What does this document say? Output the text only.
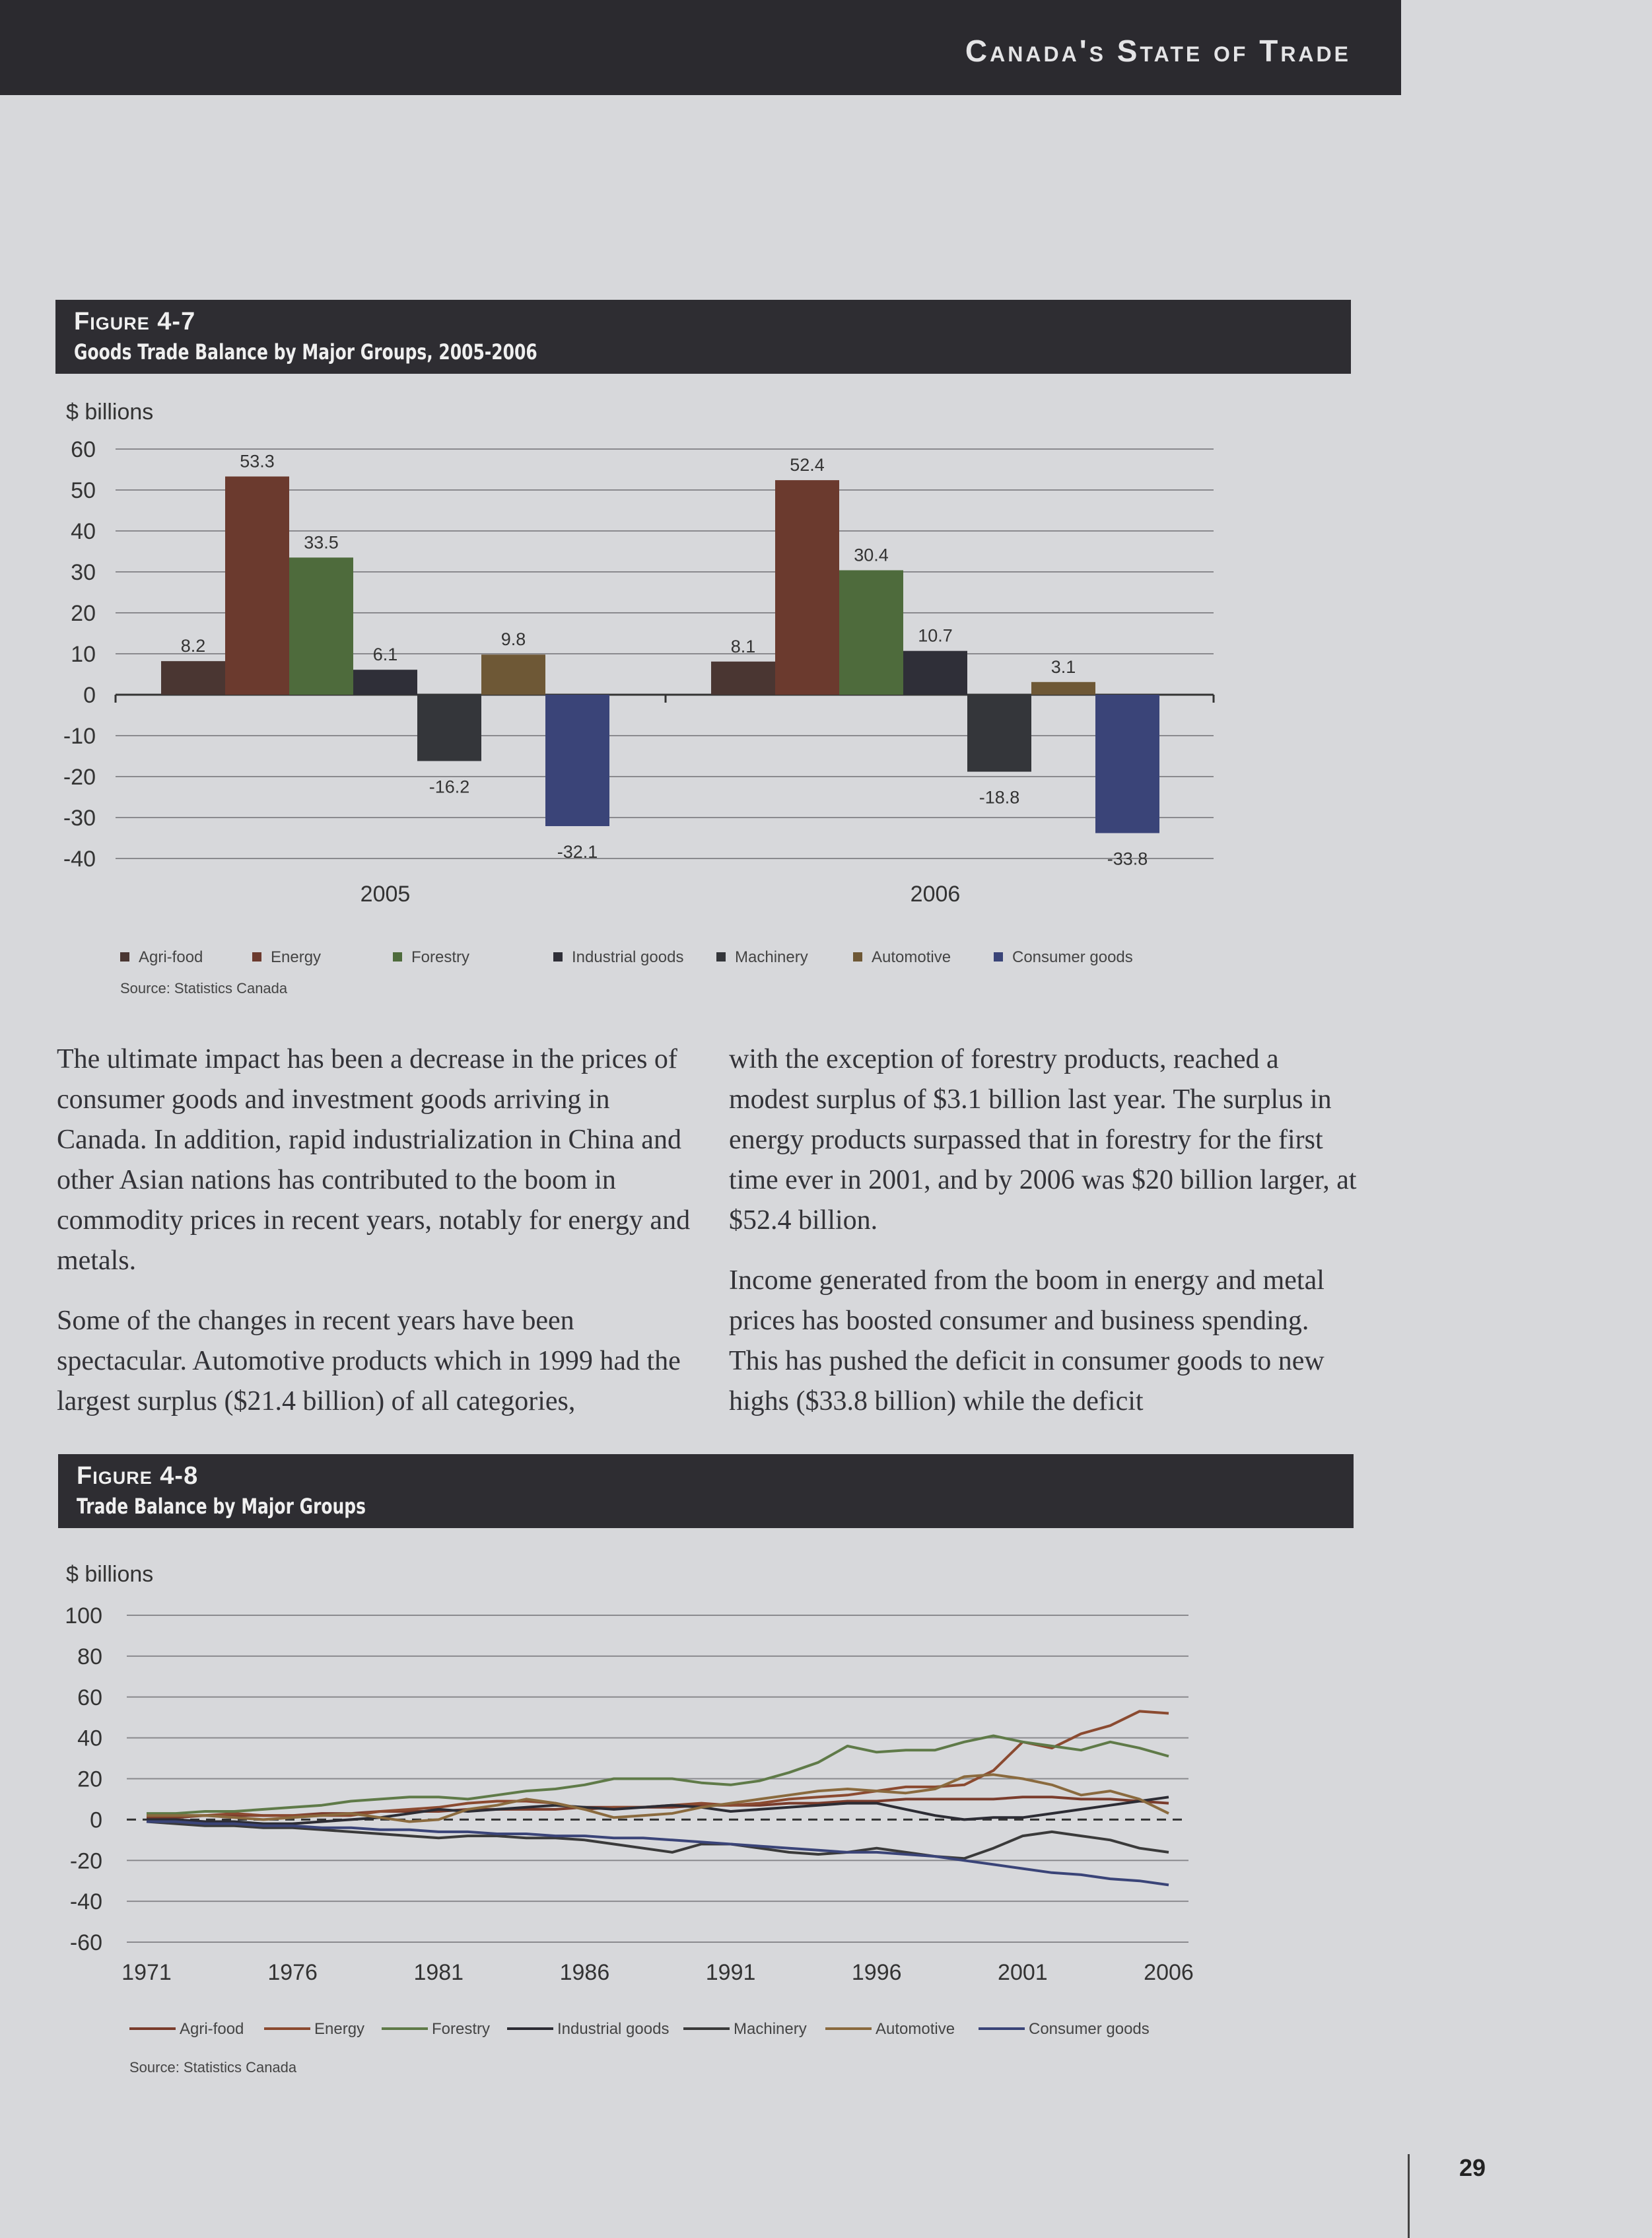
Canada's State of Trade
Figure 4-7
Goods Trade Balance by Major Groups, 2005-2006
$ billions
60
50
40
30
20
10
0
-10
-20
-30
-40
8.2
53.3
33.5
6.1
-16.2
9.8
-32.1
8.1
52.4
30.4
10.7
-18.8
3.1
-33.8
2005	2006
Agri-food	Energy	Forestry	Industrial goods	Machinery	Automotive	Consumer goods
Source: Statistics Canada

The ultimate impact has been a decrease in the prices of consumer goods and investment goods arriving in Canada. In addition, rapid industrialization in China and other Asian nations has contributed to the boom in commodity prices in recent years, notably for energy and metals.

Some of the changes in recent years have been spectacular. Automotive products which in 1999 had the largest surplus ($21.4 billion) of all categories,

with the exception of forestry products, reached a modest surplus of $3.1 billion last year. The surplus in energy products surpassed that in forestry for the first time ever in 2001, and by 2006 was $20 billion larger, at $52.4 billion.

Income generated from the boom in energy and metal prices has boosted consumer and business spending. This has pushed the deficit in consumer goods to new highs ($33.8 billion) while the deficit

Figure 4-8
Trade Balance by Major Groups
$ billions
100
80
60
40
20
0
-20
-40
-60
1971	1976	1981	1986	1991	1996	2001	2006
Agri-food	Energy	Forestry	Industrial goods	Machinery	Automotive	Consumer goods
Source: Statistics Canada
29
